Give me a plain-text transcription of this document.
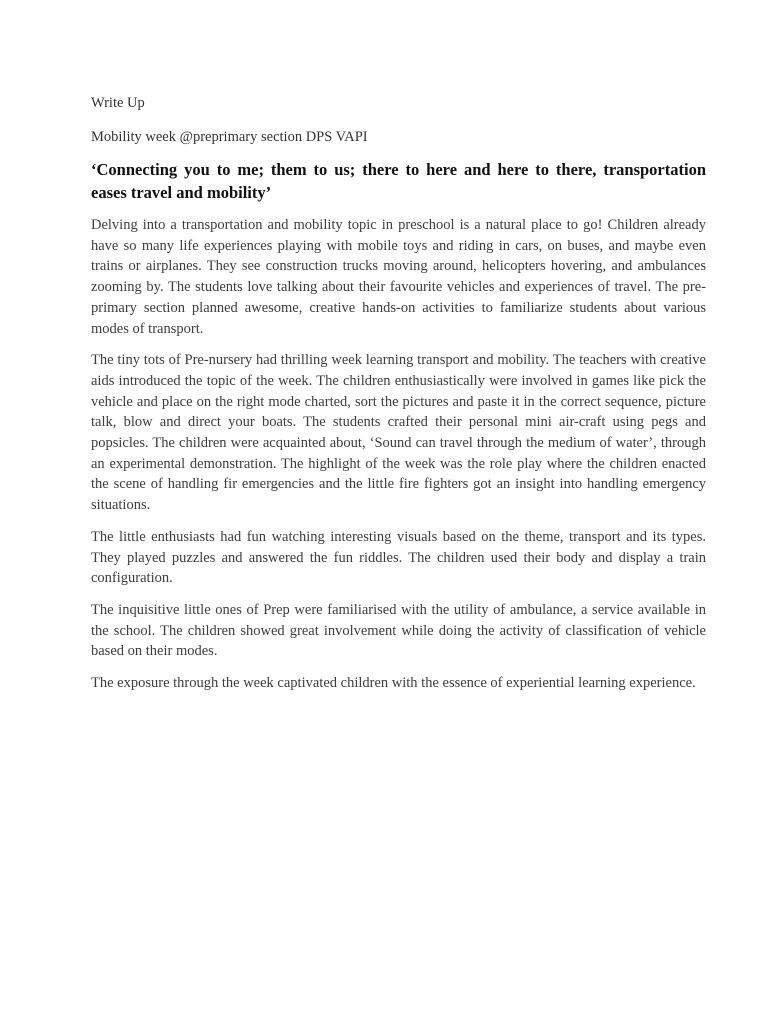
Write Up

Mobility week @preprimary section DPS VAPI

‘Connecting you to me; them to us; there to here and here to there, transportation eases travel and mobility’

Delving into a transportation and mobility topic in preschool is a natural place to go! Children already have so many life experiences playing with mobile toys and riding in cars, on buses, and maybe even trains or airplanes. They see construction trucks moving around, helicopters hovering, and ambulances zooming by. The students love talking about their favourite vehicles and experiences of travel. The pre-primary section planned awesome, creative hands-on activities to familiarize students about various modes of transport.

The tiny tots of Pre-nursery had thrilling week learning transport and mobility. The teachers with creative aids introduced the topic of the week. The children enthusiastically were involved in games like pick the vehicle and place on the right mode charted, sort the pictures and paste it in the correct sequence, picture talk, blow and direct your boats. The students crafted their personal mini air-craft using pegs and popsicles. The children were acquainted about, ‘Sound can travel through the medium of water’, through an experimental demonstration. The highlight of the week was the role play where the children enacted the scene of handling fir emergencies and the little fire fighters got an insight into handling emergency situations.

The little enthusiasts had fun watching interesting visuals based on the theme, transport and its types. They played puzzles and answered the fun riddles. The children used their body and display a train configuration.

The inquisitive little ones of Prep were familiarised with the utility of ambulance, a service available in the school. The children showed great involvement while doing the activity of classification of vehicle based on their modes.

The exposure through the week captivated children with the essence of experiential learning experience.
